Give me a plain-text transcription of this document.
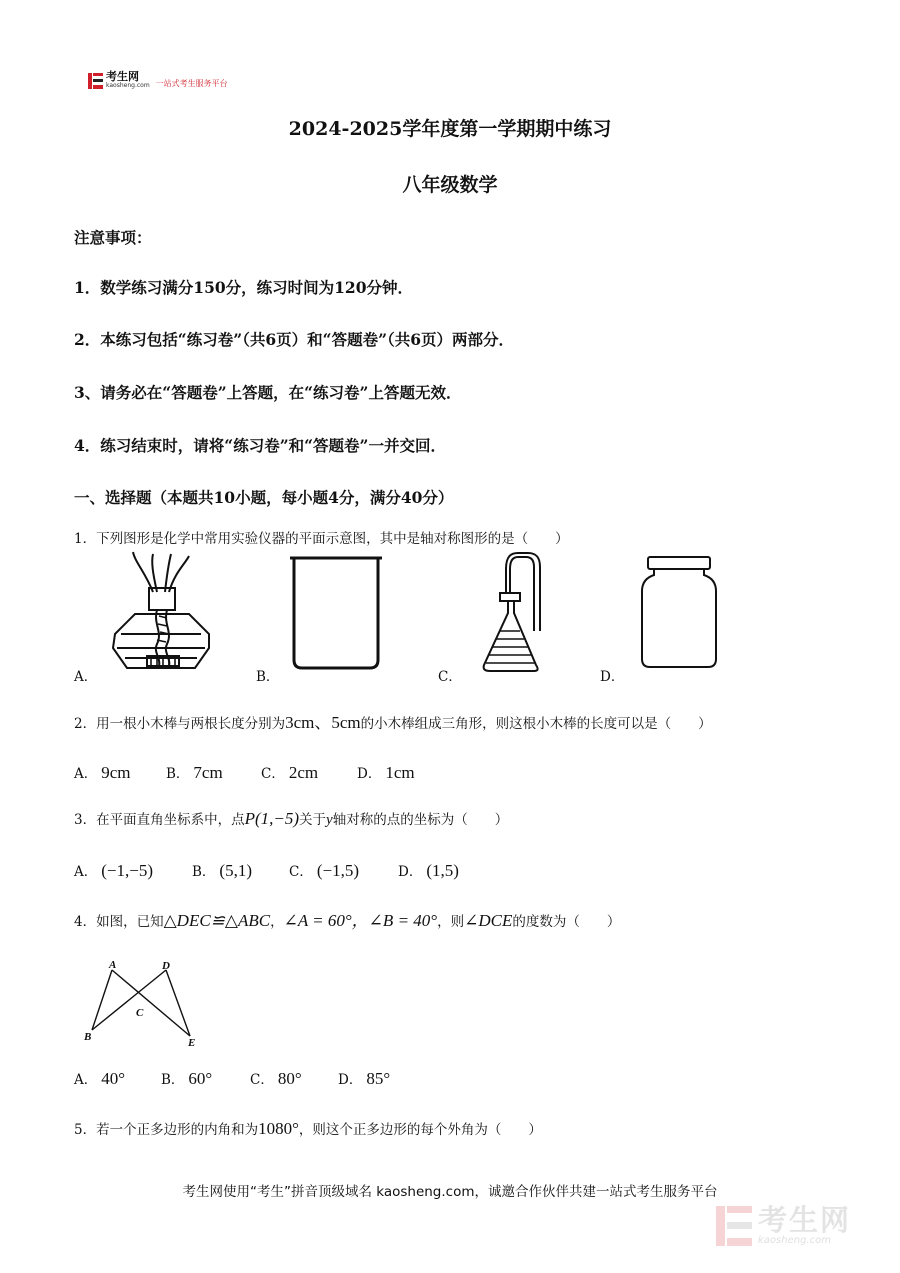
考生网
kaosheng.com 一站式考生服务平台
2024-2025学年度第一学期期中练习
八年级数学
注意事项：
1．数学练习满分150分，练习时间为120分钟．
2．本练习包括“练习卷”（共6页）和“答题卷”（共6页）两部分．
3、请务必在“答题卷”上答题，在“练习卷”上答题无效．
4．练习结束时，请将“练习卷”和“答题卷”一并交回．
一、选择题（本题共10小题，每小题4分，满分40分）
1．下列图形是化学中常用实验仪器的平面示意图，其中是轴对称图形的是（　　）
A．	B．	C．	D．
2．用一根小木棒与两根长度分别为3cm、5cm的小木棒组成三角形，则这根小木棒的长度可以是（　　）
A． 9cm	B． 7cm	C． 2cm	D． 1cm
3．在平面直角坐标系中，点P(1,−5)关于y轴对称的点的坐标为（　　）
A． (−1,−5)	B． (5,1)	C． (−1,5)	D． (1,5)
4．如图，已知△DEC≌△ABC，∠A = 60°，∠B = 40°，则∠DCE的度数为（　　）
A	D
C
B	E
A． 40°	B． 60°	C． 80°	D． 85°
5．若一个正多边形的内角和为1080°，则这个正多边形的每个外角为（　　）
考生网使用“考生”拼音顶级域名 kaosheng.com，诚邀合作伙伴共建一站式考生服务平台
考生网
kaosheng.com
